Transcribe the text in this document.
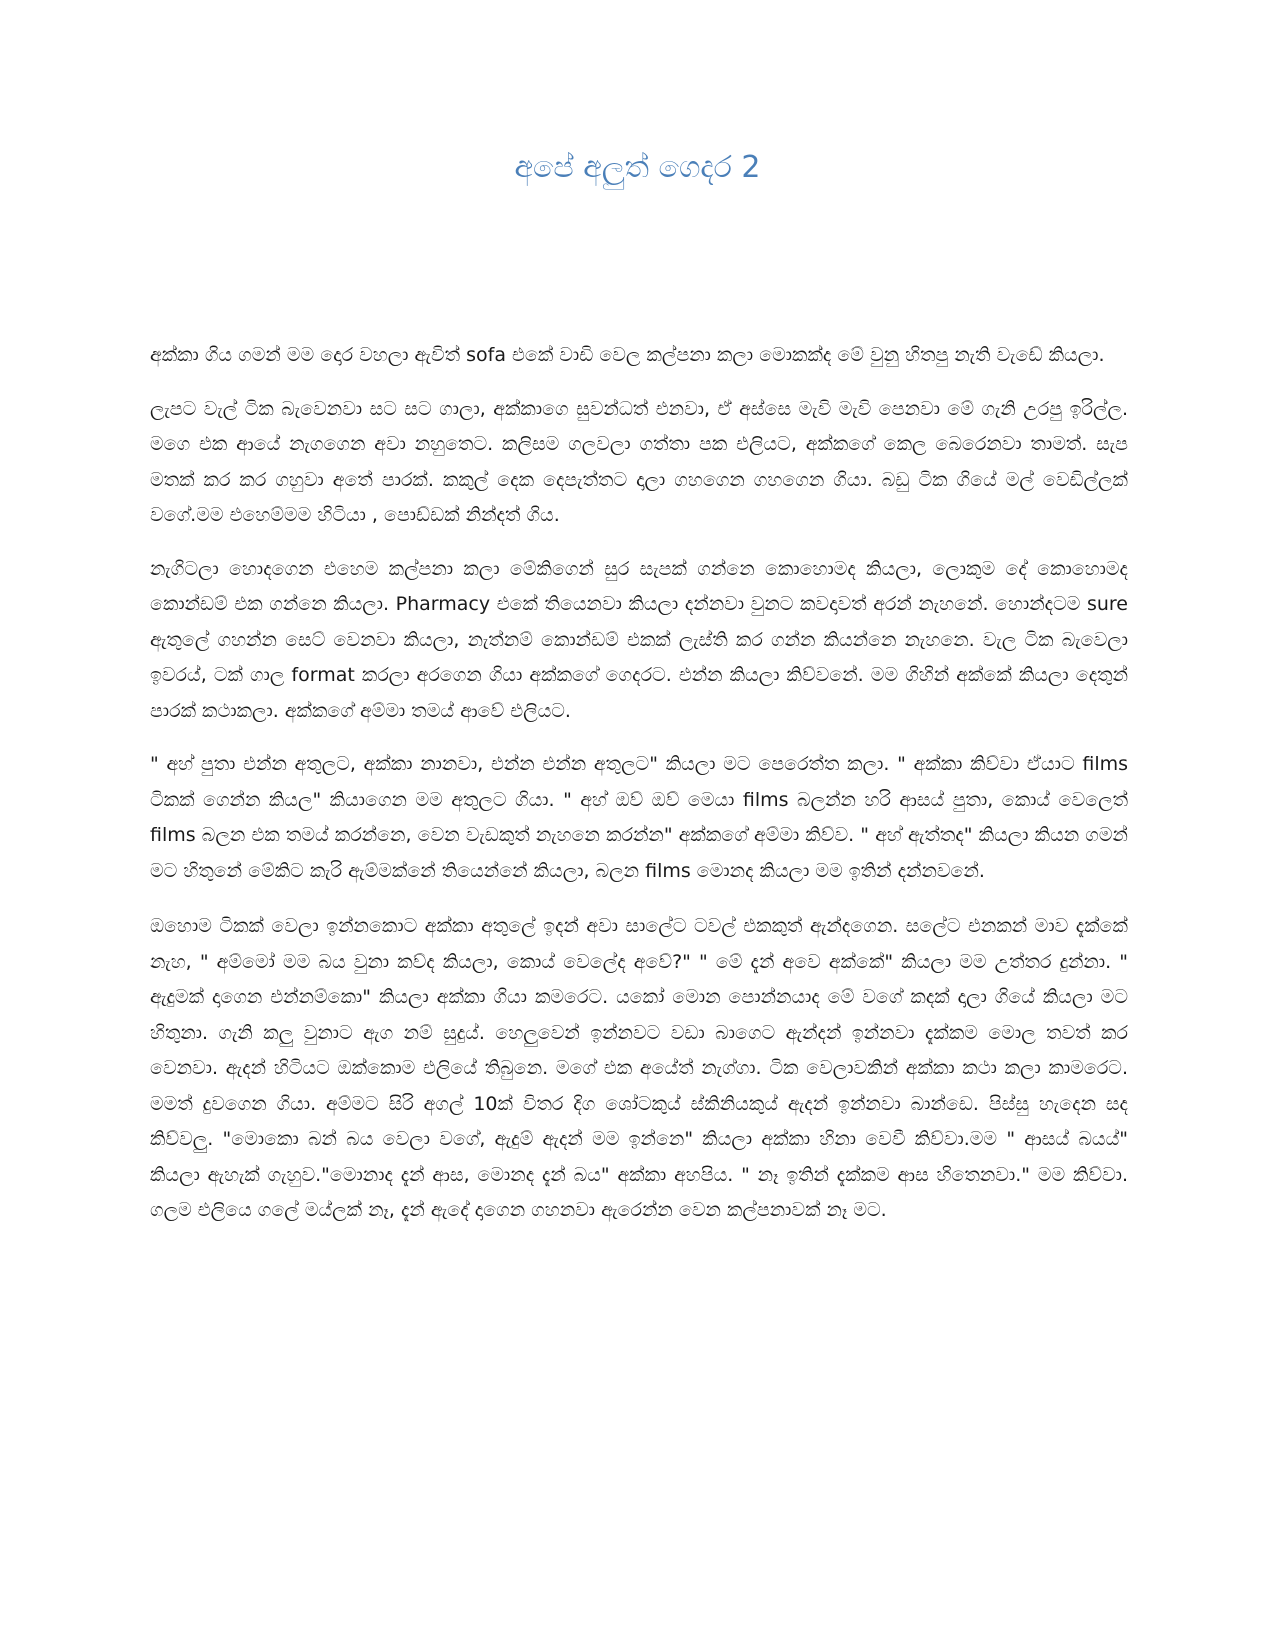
අපේ අලුත් ගෙදර 2

අක්කා ගිය ගමන් මම දොර වහලා ඇවිත් sofa එකේ වාඩි වෙල කල්පනා කලා මොකක්ද මේ වුනු හිතපු නැති වැඩේ කියලා.

ලැපට වැල් ටික බැවෙනවා සට සට ගාලා, අක්කාගෙ සුවන්ධත් එනවා, ඒ අස්සෙ මැවි මැවි පෙනවා මේ ගැනි උරපු ඉරිල්ල. මගෙ එක ආයේ නැගගෙන අවා නහුතෙට. කලිසම ගලවලා ගත්තා පක එලියට, අක්කගේ කෙල බෙරෙනවා තාමත්. සැප මතක් කර කර ගහුවා අතේ පාරක්. කකුල් දෙක දෙපැත්තට දාලා ගහගෙන ගහගෙන ගියා. බඩු ටික ගියේ මල් වෙඩිල්ලක් වගේ.මම එහෙම්මම හිටියා , පොඩ්ඩක් නින්දත් ගිය.

නැගිටලා හොදගෙන එහෙම කල්පනා කලා මේකිගෙන් සුර සැපක් ගන්නෙ කොහොමද කියලා, ලොකුම දේ කොහොමද කොන්ඩම් එක ගන්නෙ කියලා. Pharmacy එකේ තියෙනවා කියලා දන්නවා වුනට කවදාවත් අරන් නැහනේ. හොන්දටම sure ඇතුලේ ගහන්න සෙට් වෙනවා කියලා, නැත්නම් කොන්ඩම් එකක් ලැස්ති කර ගන්න කියන්නෙ නැහනෙ. වැල ටික බැවෙලා ඉවරය්, ටක් ගාල format කරලා අරගෙන ගියා අක්කගේ ගෙදරට. එන්න කියලා කිව්වනේ. මම ගිහින් අක්කේ කියලා දෙතුන් පාරක් කථාකලා. අක්කගේ අම්මා තමය් ආවේ එලියට.

" අහ් පුතා එන්න අතුලට, අක්කා නානවා, එන්න එන්න අතුලට" කියලා මට පෙරෙත්ත කලා. " අක්කා කිව්වා ඒයාට films ටිකක් ගෙන්න කියල" කියාගෙන මම අතුලට ගියා. " අහ් ඔව් ඔව් මෙයා films බලන්න හරි ආසය් පුතා, කොය් වෙලෙත් films බලන එක තමය් කරන්නෙ, වෙන වැඩකුත් නැහනෙ කරන්න" අක්කගේ අම්මා කිව්ව. " අහ් ඇත්තද" කියලා කියන ගමන් මට හිතුනේ මේකිට කැරි ඇම්මක්නේ තියෙන්නේ කියලා, බලන films මොනද කියලා මම ඉතින් දන්නවනේ.

ඔහොම ටිකක් වෙලා ඉන්නකොට අක්කා අතුලේ ඉදන් අවා සාලේට ටවල් එකකුත් ඇන්දගෙන. සලේට එනකන් මාව දැක්කේ නැහ, " අම්මෝ මම බය වුනා කව්ද කියලා, කොය් වෙලේද අවේ?" " මේ දැන් අවෙ අක්කේ" කියලා මම උත්තර දුන්නා. " ඇදුමක් දාගෙන එන්නම්කො" කියලා අක්කා ගියා කමරෙට. යකෝ මොන පොන්නයාද මේ වගේ කදක් දාලා ගියේ කියලා මට හිතුනා. ගැනි කලු වුනාට ඇග නම් සුදුය්. හෙලුවෙන් ඉන්නවට වඩා බාගෙට ඇන්දන් ඉන්නවා දැක්කම මොල තවත් කර වෙනවා. ඇදන් හිටියට ඔක්කොම එලියේ තිබුනෙ. මගේ එක අයේත් නැග්ගා. ටික වෙලාවකින් අක්කා කථා කලා කාමරෙට. මමත් දුවගෙන ගියා. අම්මට සිරි අගල් 10ක් විතර දිග ශෝටකුය් ස්කිනියකුය් ඇදන් ඉන්නවා බාන්ඩෙ. පිස්සු හැදෙන සද කිව්වලු. "මොකො බන් බය වෙලා වගේ, ඇදුම් ඇදන් මම ඉන්නෙ" කියලා අක්කා හිනා වෙවී කිව්වා.මම " ආසය් බයය්" කියලා ඇහැක් ගැහුව."මොනාද දැන් ආස, මොනද දැන් බය" අක්කා අහපිය. " නෑ ඉතින් දැක්කම ආස හිතෙනවා." මම කිව්වා. ගලම එලියෙ ගලේ මය්ලක් නෑ, දැන් ඇදේ දාගෙන ගහනවා ඇරෙන්න වෙන කල්පනාවක් නෑ මට.
